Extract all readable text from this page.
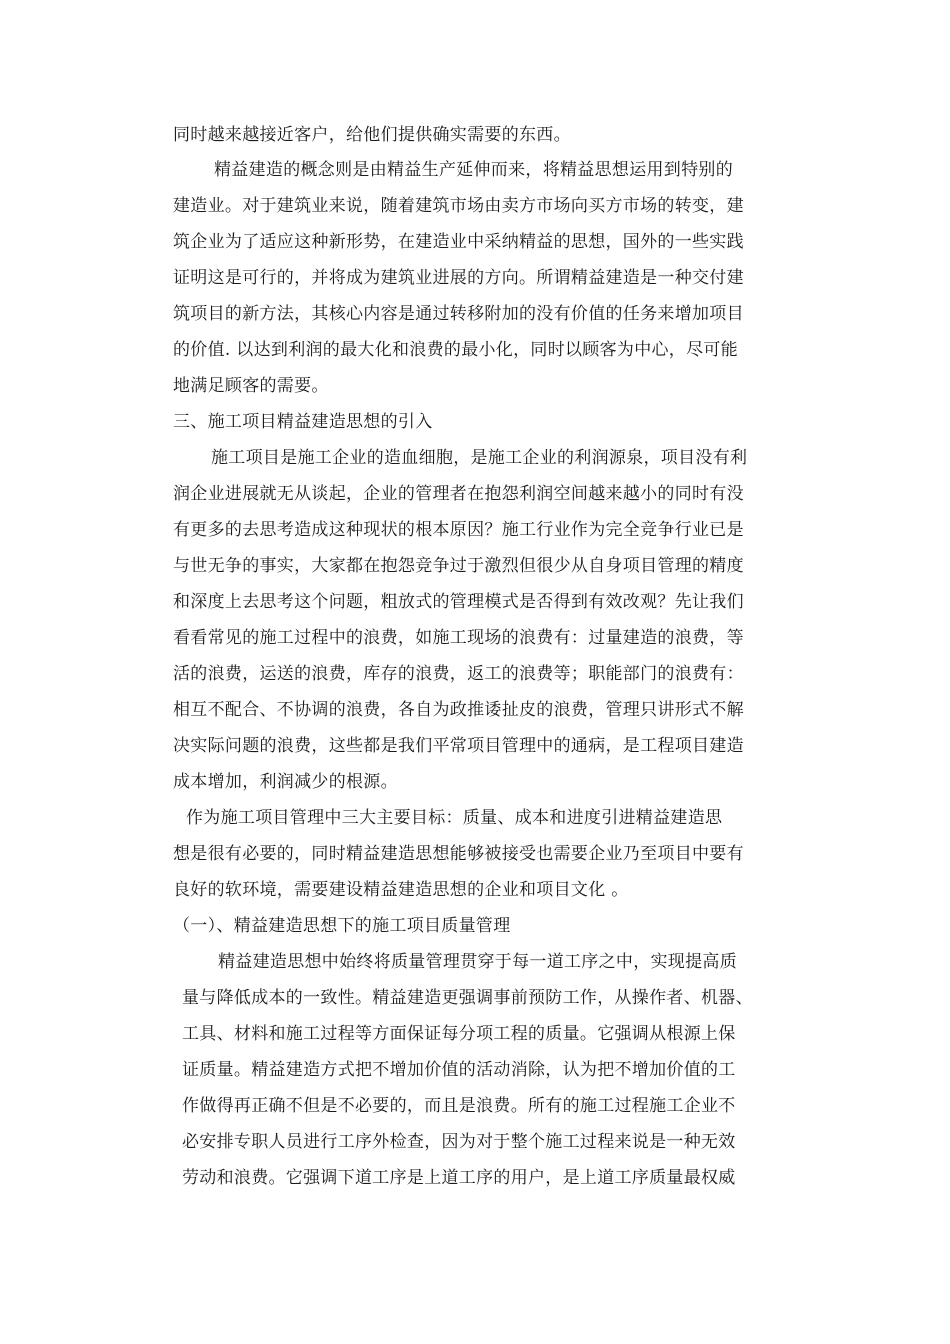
同时越来越接近客户，给他们提供确实需要的东西。
精益建造的概念则是由精益生产延伸而来，将精益思想运用到特别的
建造业。对于建筑业来说，随着建筑市场由卖方市场向买方市场的转变，建
筑企业为了适应这种新形势，在建造业中采纳精益的思想，国外的一些实践
证明这是可行的，并将成为建筑业进展的方向。所谓精益建造是一种交付建
筑项目的新方法，其核心内容是通过转移附加的没有价值的任务来增加项目
的价值. 以达到利润的最大化和浪费的最小化，同时以顾客为中心，尽可能
地满足顾客的需要。
三、施工项目精益建造思想的引入
施工项目是施工企业的造血细胞，是施工企业的利润源泉，项目没有利
润企业进展就无从谈起，企业的管理者在抱怨利润空间越来越小的同时有没
有更多的去思考造成这种现状的根本原因？施工行业作为完全竞争行业已是
与世无争的事实，大家都在抱怨竞争过于激烈但很少从自身项目管理的精度
和深度上去思考这个问题，粗放式的管理模式是否得到有效改观？先让我们
看看常见的施工过程中的浪费，如施工现场的浪费有：过量建造的浪费，等
活的浪费，运送的浪费，库存的浪费，返工的浪费等；职能部门的浪费有：
相互不配合、不协调的浪费，各自为政推诿扯皮的浪费，管理只讲形式不解
决实际问题的浪费，这些都是我们平常项目管理中的通病，是工程项目建造
成本增加，利润减少的根源。
作为施工项目管理中三大主要目标：质量、成本和进度引进精益建造思
想是很有必要的，同时精益建造思想能够被接受也需要企业乃至项目中要有
良好的软环境，需要建设精益建造思想的企业和项目文化 。
（一）、精益建造思想下的施工项目质量管理
精益建造思想中始终将质量管理贯穿于每一道工序之中，实现提高质
量与降低成本的一致性。精益建造更强调事前预防工作，从操作者、机器、
工具、材料和施工过程等方面保证每分项工程的质量。它强调从根源上保
证质量。精益建造方式把不增加价值的活动消除，认为把不增加价值的工
作做得再正确不但是不必要的，而且是浪费。所有的施工过程施工企业不
必安排专职人员进行工序外检查，因为对于整个施工过程来说是一种无效
劳动和浪费。它强调下道工序是上道工序的用户，是上道工序质量最权威
